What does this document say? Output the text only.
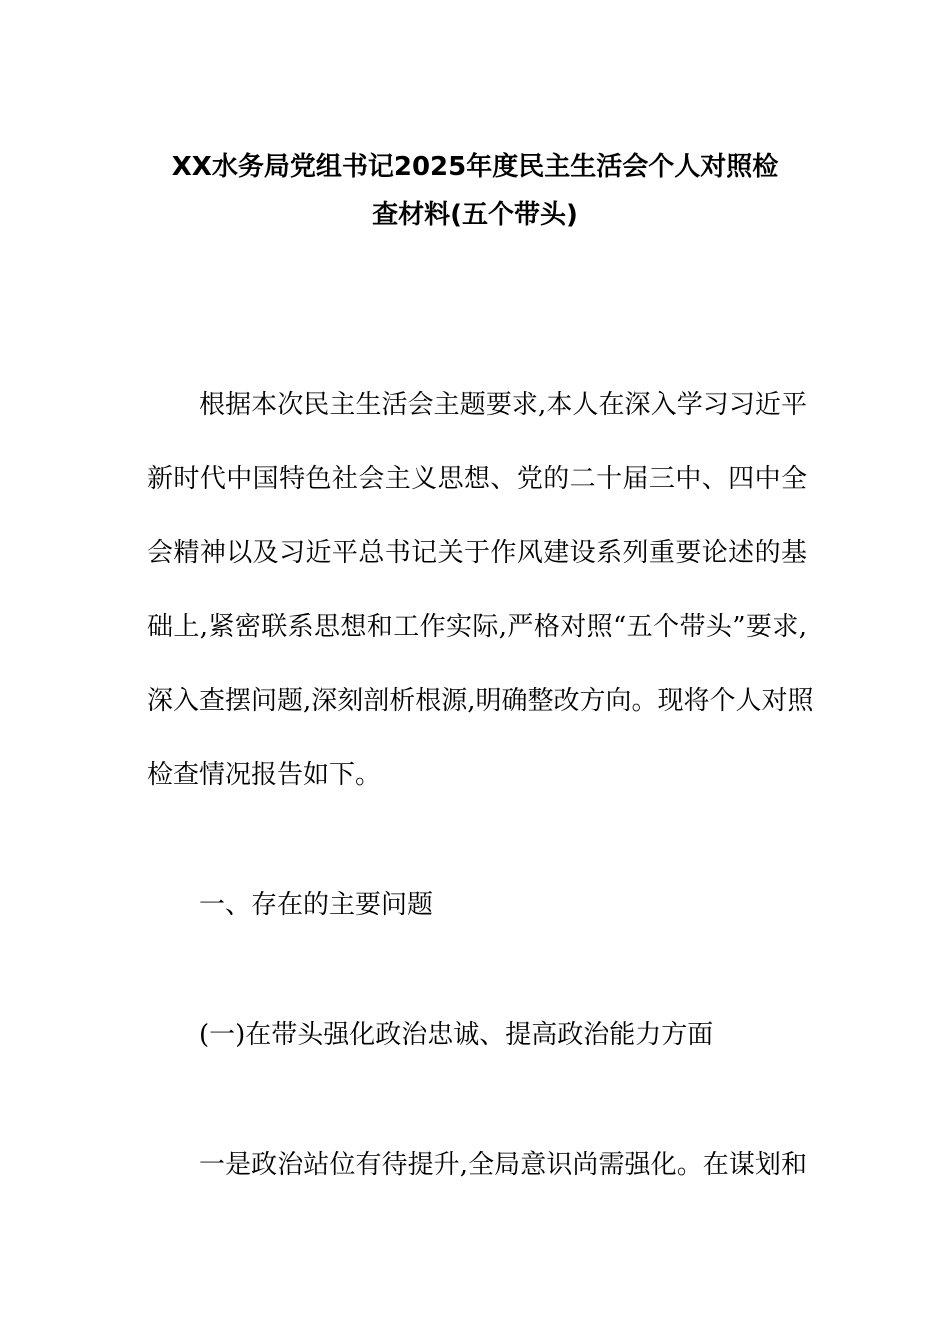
XX水务局党组书记2025年度民主生活会个人对照检
查材料(五个带头)
根据本次民主生活会主题要求,本人在深入学习习近平
新时代中国特色社会主义思想、党的二十届三中、四中全
会精神以及习近平总书记关于作风建设系列重要论述的基
础上,紧密联系思想和工作实际,严格对照“五个带头”要求,
深入查摆问题,深刻剖析根源,明确整改方向。现将个人对照
检查情况报告如下。
一、存在的主要问题
(一)在带头强化政治忠诚、提高政治能力方面
一是政治站位有待提升,全局意识尚需强化。在谋划和
